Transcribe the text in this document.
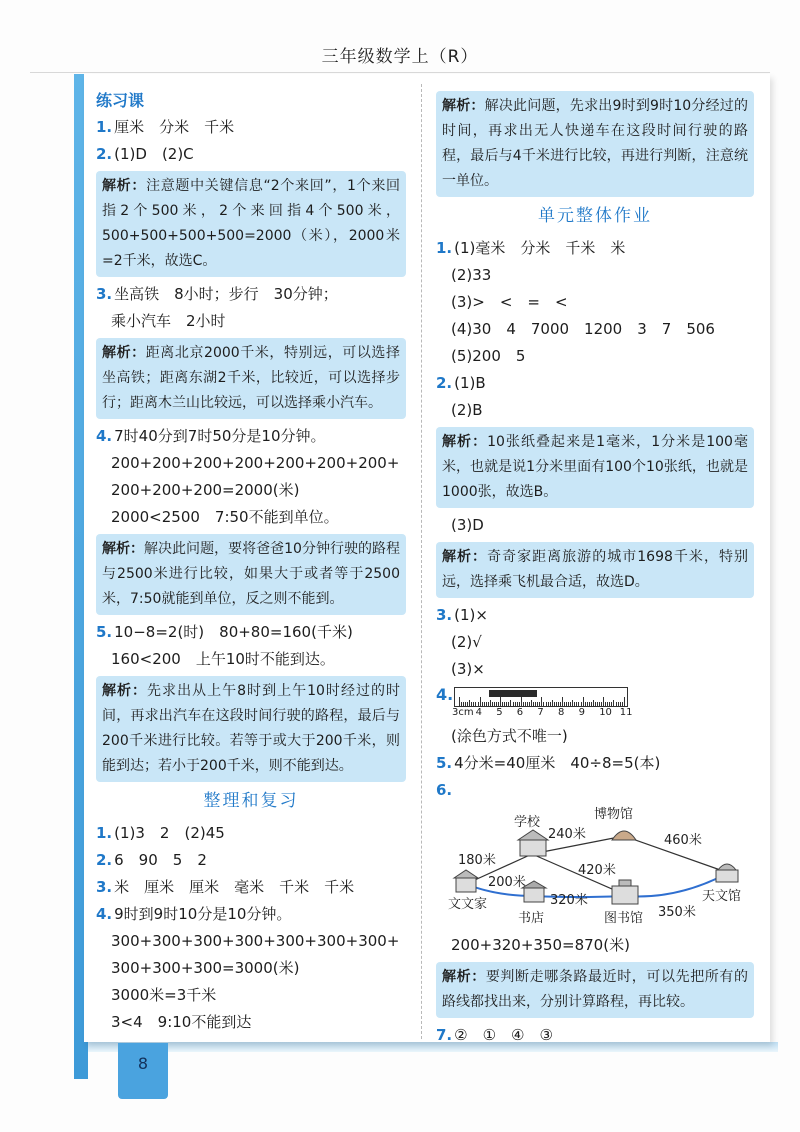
三年级数学上（R）
8
练习课
1. 厘米　分米　千米
2. (1)D　(2)C
解析：注意题中关键信息“2个来回”，1个来回指2个500米，2个来回指4个500米，500+500+500+500=2000（米），2000米=2千米，故选C。
3. 坐高铁　8小时；步行　30分钟；
乘小汽车　2小时
解析：距离北京2000千米，特别远，可以选择坐高铁；距离东湖2千米，比较近，可以选择步行；距离木兰山比较远，可以选择乘小汽车。
4. 7时40分到7时50分是10分钟。
200+200+200+200+200+200+200+
200+200+200=2000(米)
2000<2500　7:50不能到单位。
解析：解决此问题，要将爸爸10分钟行驶的路程与2500米进行比较，如果大于或者等于2500米，7:50就能到单位，反之则不能到。
5. 10−8=2(时)　80+80=160(千米)
160<200　上午10时不能到达。
解析：先求出从上午8时到上午10时经过的时间，再求出汽车在这段时间行驶的路程，最后与200千米进行比较。若等于或大于200千米，则能到达；若小于200千米，则不能到达。
整理和复习
1. (1)3　2　(2)45
2. 6　90　5　2
3. 米　厘米　厘米　毫米　千米　千米
4. 9时到9时10分是10分钟。
300+300+300+300+300+300+300+
300+300+300=3000(米)
3000米=3千米
3<4　9:10不能到达
解析：解决此问题，先求出9时到9时10分经过的时间，再求出无人快递车在这段时间行驶的路程，最后与4千米进行比较，再进行判断，注意统一单位。
单元整体作业
1. (1)毫米　分米　千米　米
(2)33
(3)>　<　=　<
(4)30　4　7000　1200　3　7　506
(5)200　5
2. (1)B
(2)B
解析：10张纸叠起来是1毫米，1分米是100毫米，也就是说1分米里面有100个10张纸，也就是1000张，故选B。
(3)D
解析：奇奇家距离旅游的城市1698千米，特别远，选择乘飞机最合适，故选D。
3. (1)×
(2)√
(3)×
4.
3cm 4 5 6 7 8 9 10 11
(涂色方式不唯一)
5. 4分米=40厘米　40÷8=5(本)
6.
学校
博物馆
文文家
书店	图书馆
天文馆
180米
240米	460米
200米
420米
320米
350米
200+320+350=870(米)
解析：要判断走哪条路最近时，可以先把所有的路线都找出来，分别计算路程，再比较。
7. ②　①　④　③
